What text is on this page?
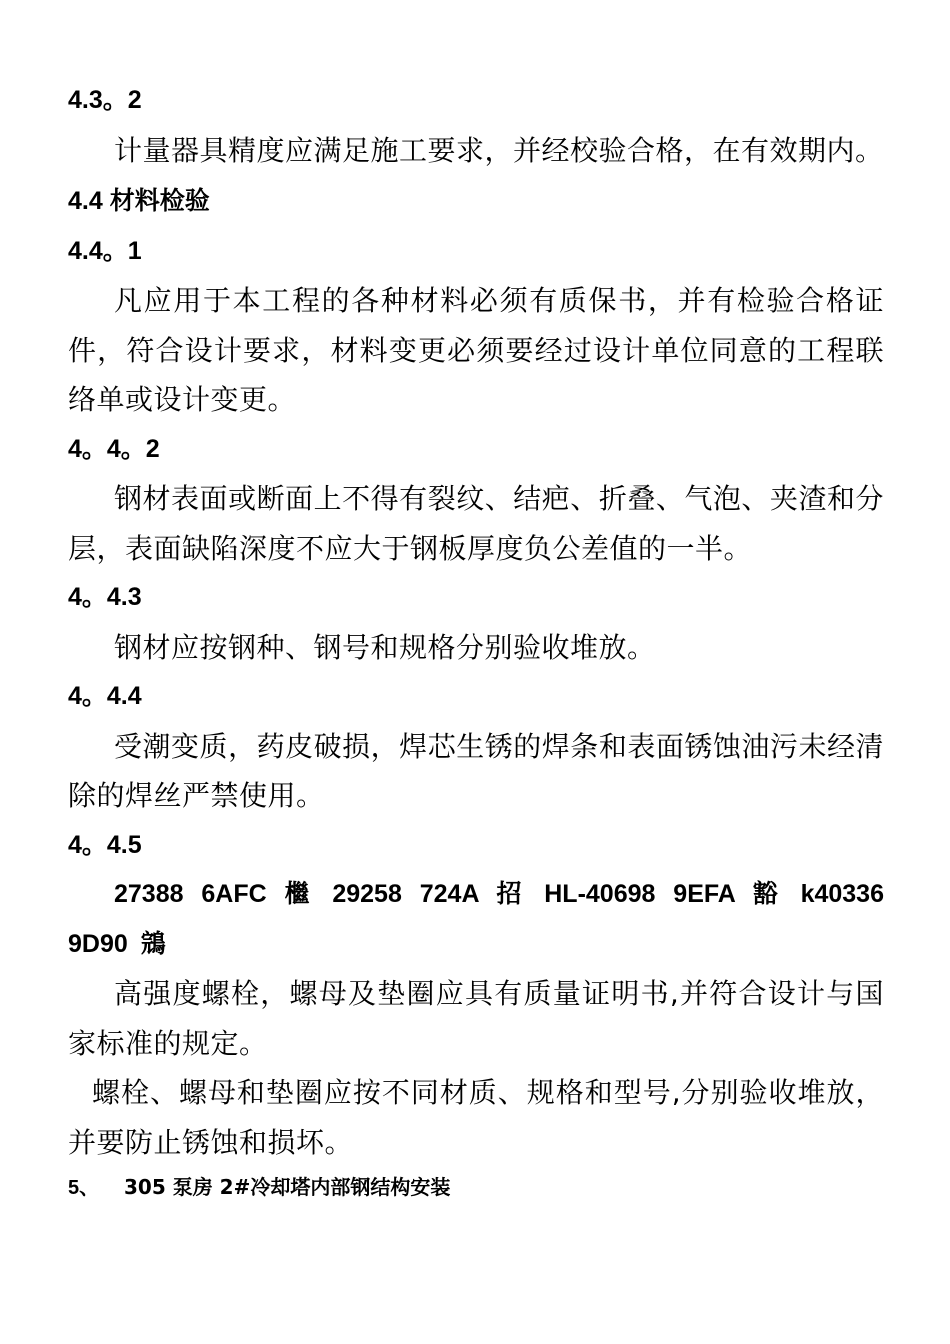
4.3。2

计量器具精度应满足施工要求，并经校验合格，在有效期内。

4.4 材料检验

4.4。1

凡应用于本工程的各种材料必须有质保书，并有检验合格证件，符合设计要求，材料变更必须要经过设计单位同意的工程联络单或设计变更。

4。4。2

钢材表面或断面上不得有裂纹、结疤、折叠、气泡、夹渣和分层，表面缺陷深度不应大于钢板厚度负公差值的一半。

4。4.3

钢材应按钢种、钢号和规格分别验收堆放。

4。4.4

受潮变质，药皮破损，焊芯生锈的焊条和表面锈蚀油污未经清除的焊丝严禁使用。

4。4.5

27388 6AFC 檵 29258 724A 招 HL-40698 9EFA 豁 k40336 9D90 鵍

高强度螺栓，螺母及垫圈应具有质量证明书,并符合设计与国家标准的规定。

螺栓、螺母和垫圈应按不同材质、规格和型号,分别验收堆放，并要防止锈蚀和损坏。

5、 305 泵房 2#冷却塔内部钢结构安装
